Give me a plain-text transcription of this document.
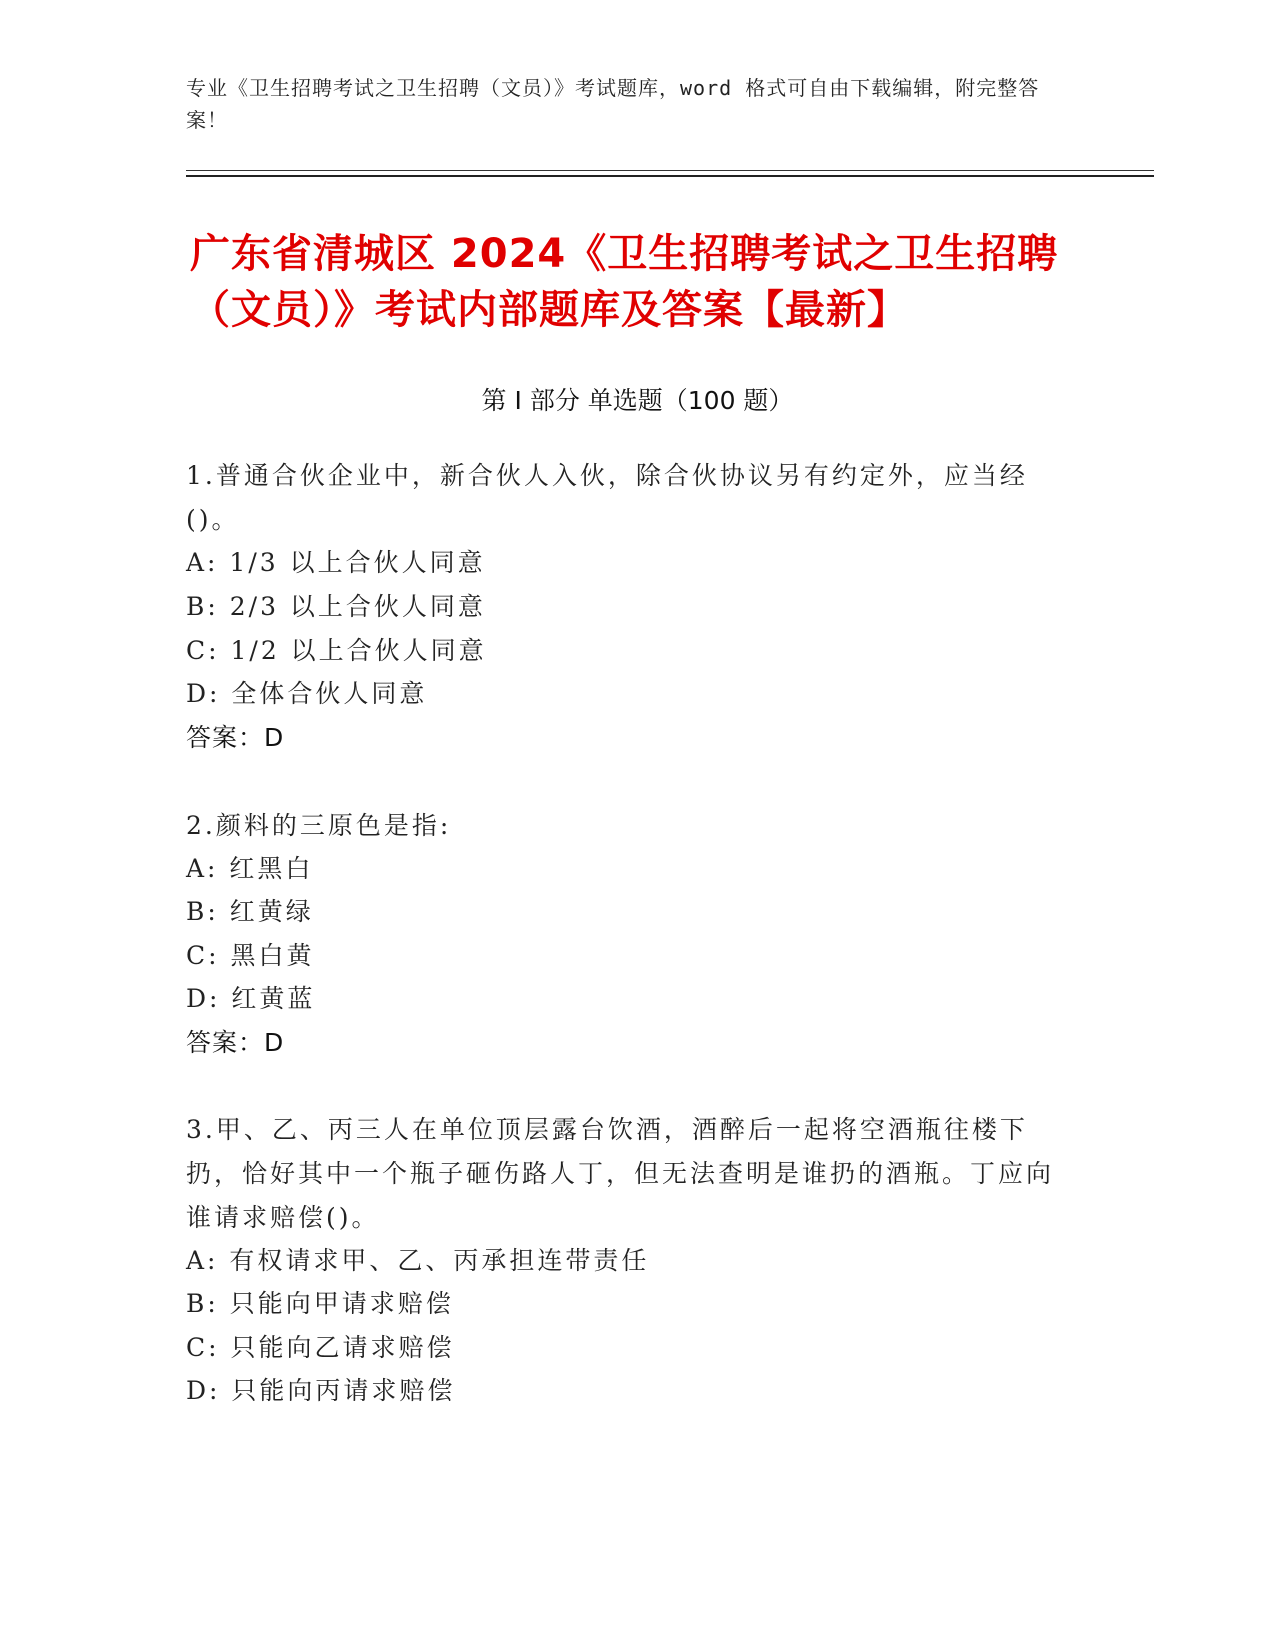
专业《卫生招聘考试之卫生招聘（文员）》考试题库，word 格式可自由下载编辑，附完整答案！
广东省清城区 2024《卫生招聘考试之卫生招聘（文员）》考试内部题库及答案【最新】
第 I 部分 单选题（100 题）
1.普通合伙企业中，新合伙人入伙，除合伙协议另有约定外，应当经()。
A: 1/3 以上合伙人同意
B: 2/3 以上合伙人同意
C: 1/2 以上合伙人同意
D: 全体合伙人同意
答案：D
2.颜料的三原色是指:
A: 红黑白
B: 红黄绿
C: 黑白黄
D: 红黄蓝
答案：D
3.甲、乙、丙三人在单位顶层露台饮酒，酒醉后一起将空酒瓶往楼下扔，恰好其中一个瓶子砸伤路人丁，但无法查明是谁扔的酒瓶。丁应向谁请求赔偿()。
A: 有权请求甲、乙、丙承担连带责任
B: 只能向甲请求赔偿
C: 只能向乙请求赔偿
D: 只能向丙请求赔偿
